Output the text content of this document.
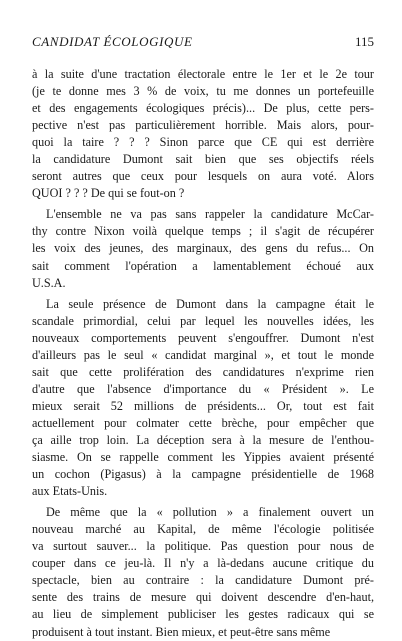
CANDIDAT ÉCOLOGIQUE	115
à la suite d'une tractation électorale entre le 1er et le 2e tour
(je te donne mes 3 % de voix, tu me donnes un portefeuille
et des engagements écologiques précis)... De plus, cette pers-
pective n'est pas particulièrement horrible. Mais alors, pour-
quoi la taire ? ? ? Sinon parce que CE qui est derrière
la candidature Dumont sait bien que ses objectifs réels
seront autres que ceux pour lesquels on aura voté. Alors
QUOI ? ? ? De qui se fout-on ?
L'ensemble ne va pas sans rappeler la candidature McCar-
thy contre Nixon voilà quelque temps ; il s'agit de récupérer
les voix des jeunes, des marginaux, des gens du refus... On
sait comment l'opération a lamentablement échoué aux
U.S.A.
La seule présence de Dumont dans la campagne était le
scandale primordial, celui par lequel les nouvelles idées, les
nouveaux comportements peuvent s'engouffrer. Dumont n'est
d'ailleurs pas le seul « candidat marginal », et tout le monde
sait que cette prolifération des candidatures n'exprime rien
d'autre que l'absence d'importance du « Président ». Le
mieux serait 52 millions de présidents... Or, tout est fait
actuellement pour colmater cette brèche, pour empêcher que
ça aille trop loin. La déception sera à la mesure de l'enthou-
siasme. On se rappelle comment les Yippies avaient présenté
un cochon (Pigasus) à la campagne présidentielle de 1968
aux Etats-Unis.
De même que la « pollution » a finalement ouvert un
nouveau marché au Kapital, de même l'écologie politisée
va surtout sauver... la politique. Pas question pour nous de
couper dans ce jeu-là. Il n'y a là-dedans aucune critique du
spectacle, bien au contraire : la candidature Dumont pré-
sente des trains de mesure qui doivent descendre d'en-haut,
au lieu de simplement publiciser les gestes radicaux qui se
produisent à tout instant. Bien mieux, et peut-être sans même
